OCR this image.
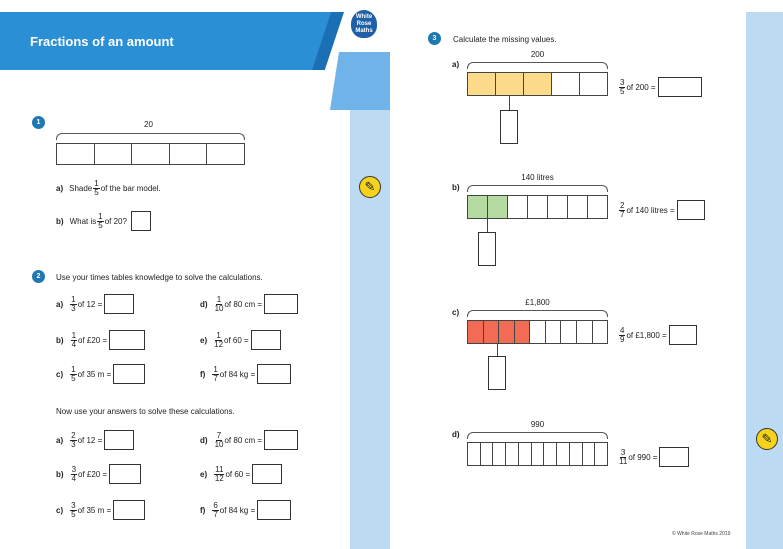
Fractions of an amount
White
Rose
Maths
✎
✎
1	20
a) Shade $\frac{1}{5}$ of the bar model.
b) What is $\frac{1}{5}$ of 20?
2	Use your times tables knowledge to solve the calculations.
$a) \frac{1}{3}$ of 12 =	$d) \frac{1}{10}$ of 80 cm =
$b) \frac{1}{4}$ of £20 =	$e) \frac{1}{12}$ of 60 =
$c) \frac{1}{5}$ of 35 m =	$f) \frac{1}{7}$ of 84 kg =
Now use your answers to solve these calculations.
$a) \frac{2}{3}$ of 12 =	$d) \frac{7}{10}$ of 80 cm =
$b) \frac{3}{4}$ of £20 =	$e) \frac{11}{12}$ of 60 =
$c) \frac{3}{5}$ of 35 m =	$f) \frac{6}{7}$ of 84 kg =
3	Calculate the missing values.
a)
200
$\frac{3}{5}$ of 200 =
b)
140 litres
$\frac{2}{7}$ of 140 litres =
c)
£1,800
$\frac{4}{9}$ of £1,800 =
d)
990
$\frac{3}{11}$ of 990 =
© White Rose Maths 2019
